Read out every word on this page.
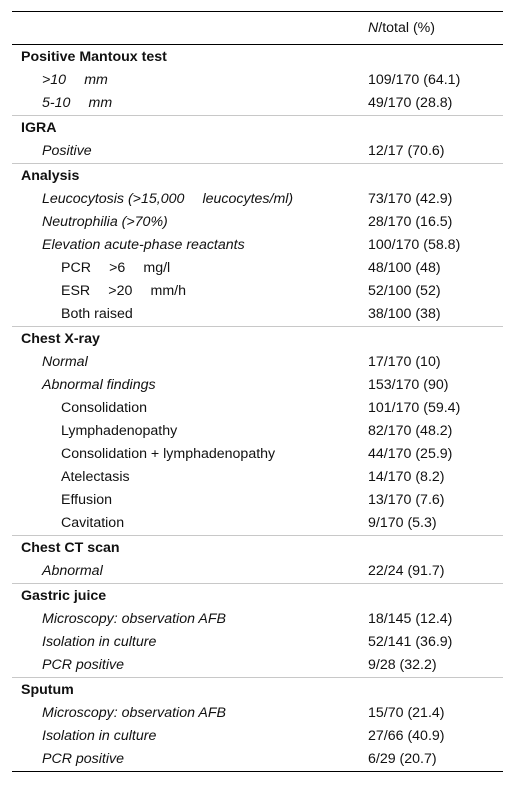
N/total (%)
Positive Mantoux test
>10  mm	109/170 (64.1)
5-10  mm	49/170 (28.8)
IGRA
Positive	12/17 (70.6)
Analysis
Leucocytosis (>15,000  leucocytes/ml)	73/170 (42.9)
Neutrophilia (>70%)	28/170 (16.5)
Elevation acute-phase reactants	100/170 (58.8)
PCR  >6  mg/l	48/100 (48)
ESR  >20  mm/h	52/100 (52)
Both raised	38/100 (38)
Chest X-ray
Normal	17/170 (10)
Abnormal findings	153/170 (90)
Consolidation	101/170 (59.4)
Lymphadenopathy	82/170 (48.2)
Consolidation + lymphadenopathy	44/170 (25.9)
Atelectasis	14/170 (8.2)
Effusion	13/170 (7.6)
Cavitation	9/170 (5.3)
Chest CT scan
Abnormal	22/24 (91.7)
Gastric juice
Microscopy: observation AFB	18/145 (12.4)
Isolation in culture	52/141 (36.9)
PCR positive	9/28 (32.2)
Sputum
Microscopy: observation AFB	15/70 (21.4)
Isolation in culture	27/66 (40.9)
PCR positive	6/29 (20.7)
